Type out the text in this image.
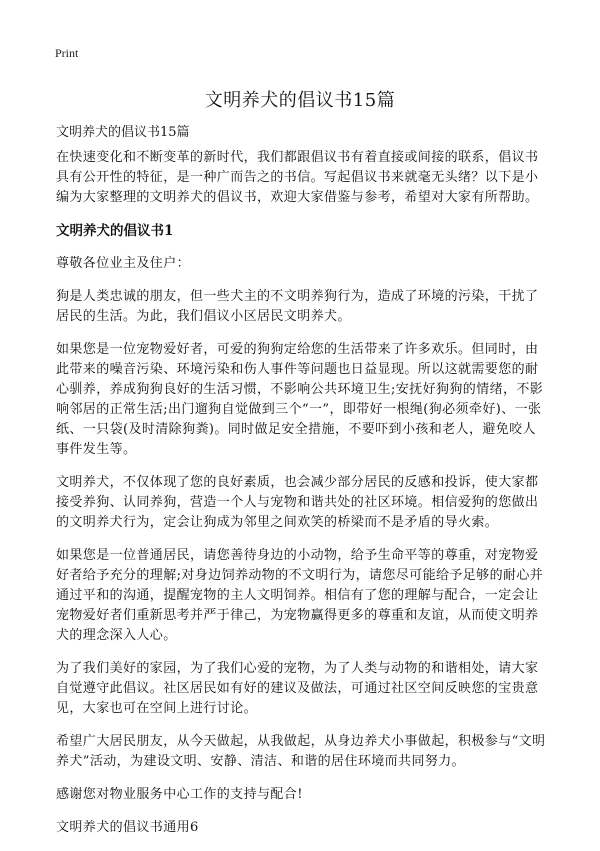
Print
文明养犬的倡议书15篇
文明养犬的倡议书15篇

在快速变化和不断变革的新时代，我们都跟倡议书有着直接或间接的联系，倡议书具有公开性的特征，是一种广而告之的书信。写起倡议书来就毫无头绪？以下是小编为大家整理的文明养犬的倡议书，欢迎大家借鉴与参考，希望对大家有所帮助。

文明养犬的倡议书1

尊敬各位业主及住户：

狗是人类忠诚的朋友，但一些犬主的不文明养狗行为，造成了环境的污染，干扰了居民的生活。为此，我们倡议小区居民文明养犬。

如果您是一位宠物爱好者，可爱的狗狗定给您的生活带来了许多欢乐。但同时，由此带来的噪音污染、环境污染和伤人事件等问题也日益显现。所以这就需要您的耐心驯养，养成狗狗良好的生活习惯，不影响公共环境卫生;安抚好狗狗的情绪，不影响邻居的正常生活;出门遛狗自觉做到三个“一”，即带好一根绳(狗必须牵好)、一张纸、一只袋(及时清除狗粪)。同时做足安全措施，不要吓到小孩和老人，避免咬人事件发生等。

文明养犬，不仅体现了您的良好素质，也会减少部分居民的反感和投诉，使大家都接受养狗、认同养狗，营造一个人与宠物和谐共处的社区环境。相信爱狗的您做出的文明养犬行为，定会让狗成为邻里之间欢笑的桥梁而不是矛盾的导火索。

如果您是一位普通居民，请您善待身边的小动物，给予生命平等的尊重，对宠物爱好者给予充分的理解;对身边饲养动物的不文明行为，请您尽可能给予足够的耐心并通过平和的沟通，提醒宠物的主人文明饲养。相信有了您的理解与配合，一定会让宠物爱好者们重新思考并严于律己，为宠物赢得更多的尊重和友谊，从而使文明养犬的理念深入人心。

为了我们美好的家园，为了我们心爱的宠物，为了人类与动物的和谐相处，请大家自觉遵守此倡议。社区居民如有好的建议及做法，可通过社区空间反映您的宝贵意见，大家也可在空间上进行讨论。

希望广大居民朋友，从今天做起，从我做起，从身边养犬小事做起，积极参与“文明养犬”活动，为建设文明、安静、清洁、和谐的居住环境而共同努力。

感谢您对物业服务中心工作的支持与配合!

文明养犬的倡议书通用6
